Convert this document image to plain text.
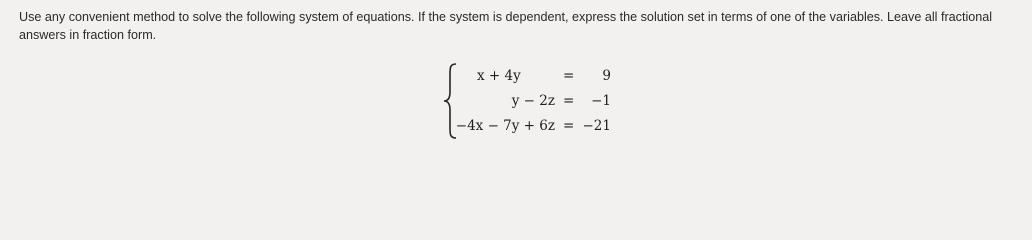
Use any convenient method to solve the following system of equations. If the system is dependent, express the solution set in terms of one of the variables. Leave all fractional answers in fraction form.
x + 4y	=	9
y − 2z =	−1
−4x − 7y + 6z = −21
